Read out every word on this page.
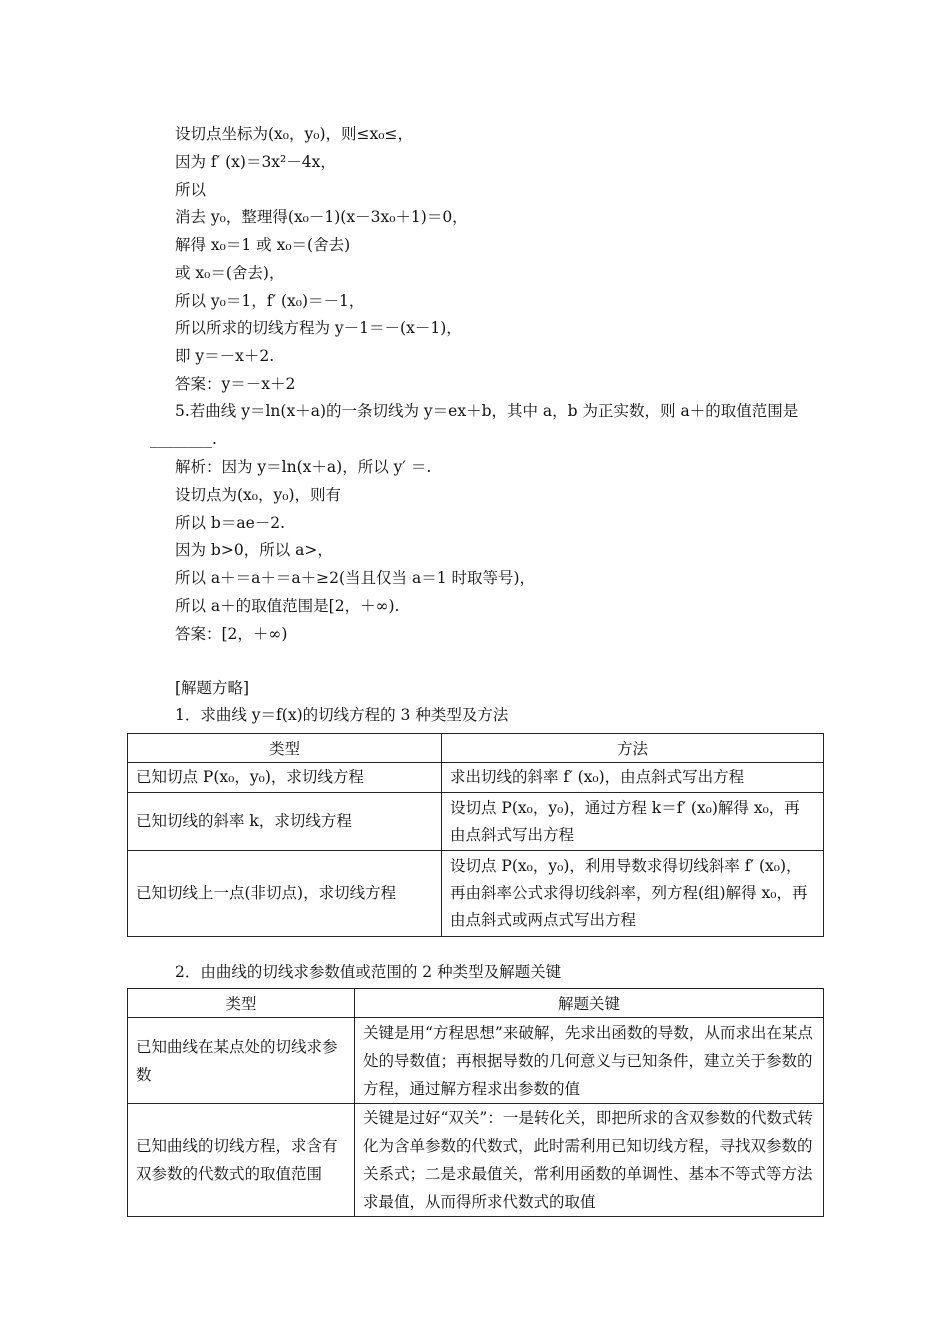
设切点坐标为(x₀，y₀)，则≤x₀≤，
因为 f′ (x)＝3x²－4x，
所以
消去 y₀，整理得(x₀－1)(x－3x₀＋1)＝0，
解得 x₀＝1 或 x₀＝(舍去)
或 x₀＝(舍去)，
所以 y₀＝1，f′ (x₀)＝－1，
所以所求的切线方程为 y－1＝－(x－1)，
即 y＝－x＋2.
答案：y＝－x＋2
5.若曲线 y＝ln(x＋a)的一条切线为 y＝ex＋b，其中 a，b 为正实数，则 a＋的取值范围是________.
解析：因为 y＝ln(x＋a)，所以 y′ ＝.
设切点为(x₀，y₀)，则有
所以 b＝ae－2.
因为 b>0，所以 a>，
所以 a＋＝a＋＝a＋≥2(当且仅当 a＝1 时取等号)，
所以 a＋的取值范围是[2，＋∞).
答案：[2，＋∞)
[解题方略]
1．求曲线 y＝f(x)的切线方程的 3 种类型及方法
类型	方法
已知切点 P(x₀，y₀)，求切线方程	求出切线的斜率 f′ (x₀)，由点斜式写出方程
已知切线的斜率 k，求切线方程	设切点 P(x₀，y₀)，通过方程 k＝f′ (x₀)解得 x₀，再由点斜式写出方程
已知切线上一点(非切点)，求切线方程	设切点 P(x₀，y₀)，利用导数求得切线斜率 f′ (x₀)，再由斜率公式求得切线斜率，列方程(组)解得 x₀，再由点斜式或两点式写出方程
2．由曲线的切线求参数值或范围的 2 种类型及解题关键
类型	解题关键
已知曲线在某点处的切线求参数	关键是用“方程思想”来破解，先求出函数的导数，从而求出在某点处的导数值；再根据导数的几何意义与已知条件，建立关于参数的方程，通过解方程求出参数的值
已知曲线的切线方程，求含有双参数的代数式的取值范围	关键是过好“双关”：一是转化关，即把所求的含双参数的代数式转化为含单参数的代数式，此时需利用已知切线方程，寻找双参数的关系式；二是求最值关，常利用函数的单调性、基本不等式等方法求最值，从而得所求代数式的取值
